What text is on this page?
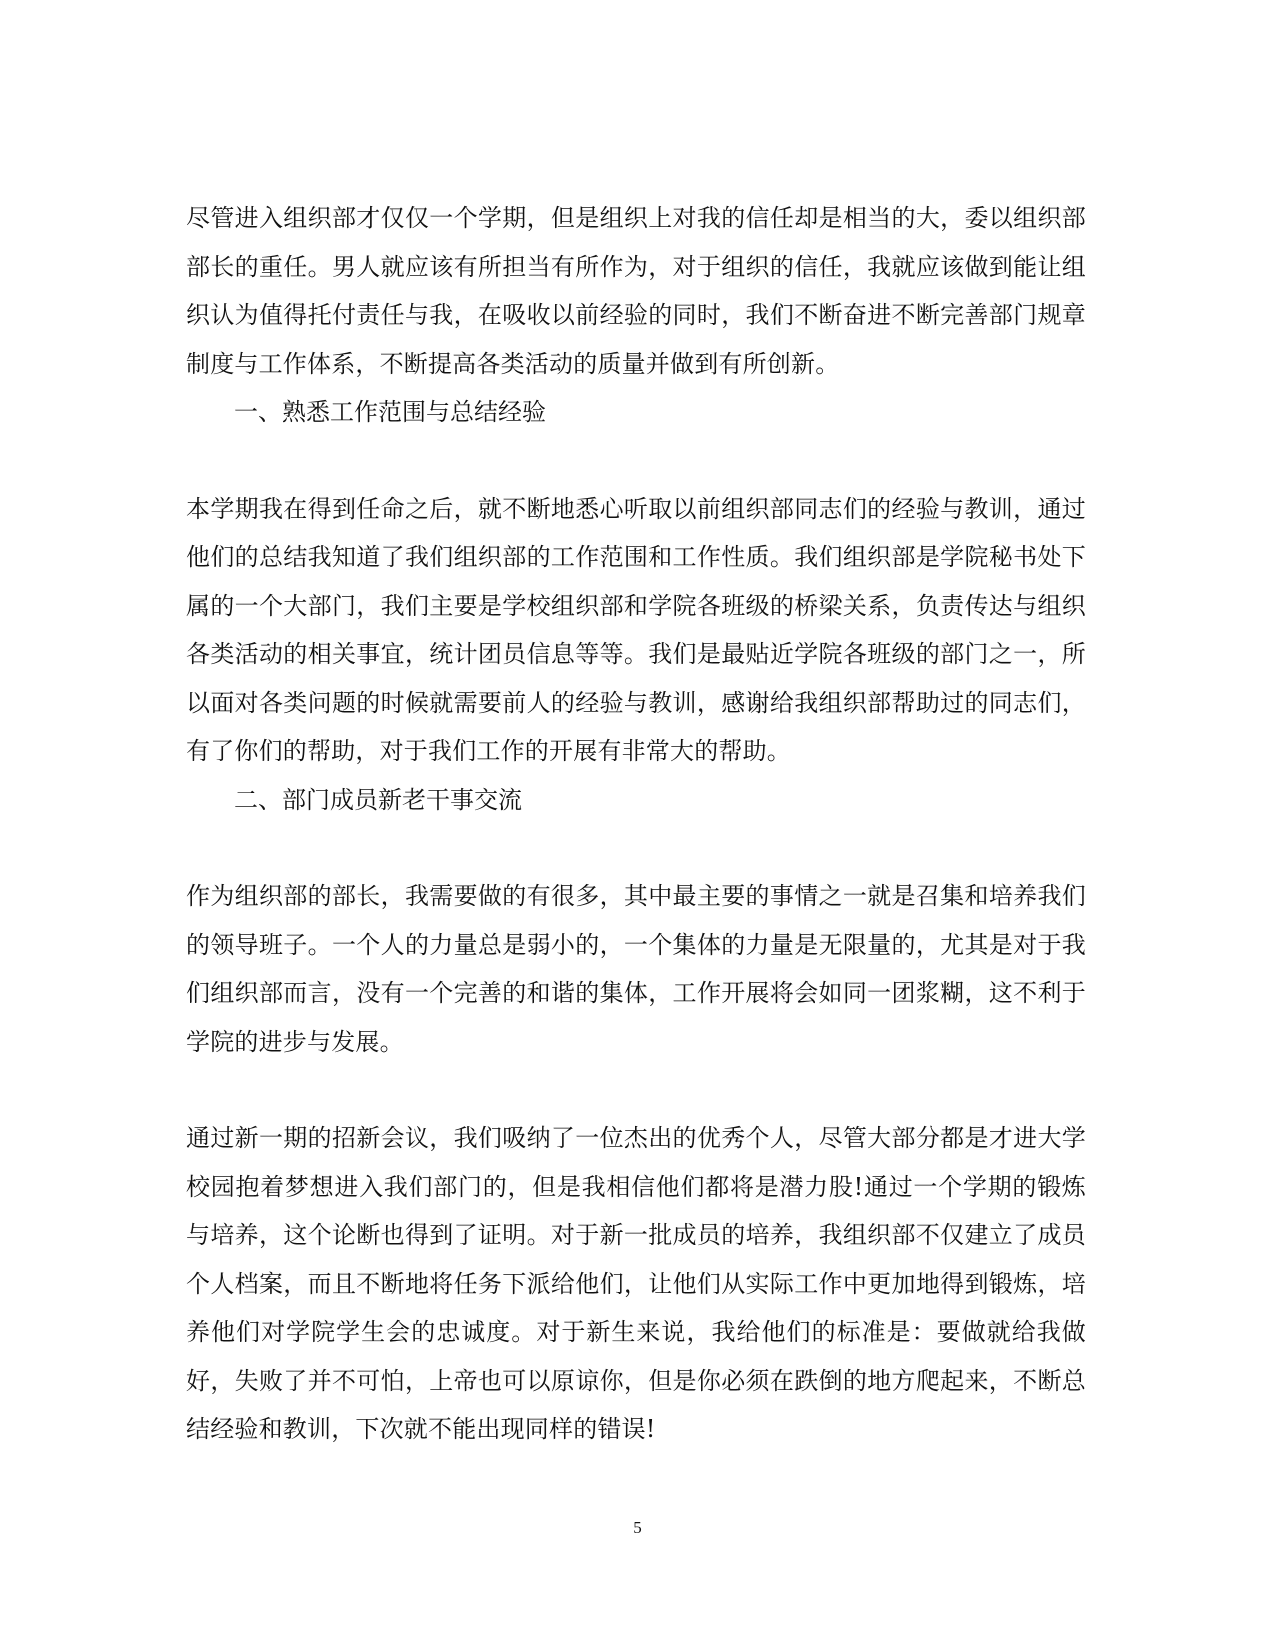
尽管进入组织部才仅仅一个学期，但是组织上对我的信任却是相当的大，委以组织部部长的重任。男人就应该有所担当有所作为，对于组织的信任，我就应该做到能让组织认为值得托付责任与我，在吸收以前经验的同时，我们不断奋进不断完善部门规章制度与工作体系，不断提高各类活动的质量并做到有所创新。

一、熟悉工作范围与总结经验

本学期我在得到任命之后，就不断地悉心听取以前组织部同志们的经验与教训，通过他们的总结我知道了我们组织部的工作范围和工作性质。我们组织部是学院秘书处下属的一个大部门，我们主要是学校组织部和学院各班级的桥梁关系，负责传达与组织各类活动的相关事宜，统计团员信息等等。我们是最贴近学院各班级的部门之一，所以面对各类问题的时候就需要前人的经验与教训，感谢给我组织部帮助过的同志们，有了你们的帮助，对于我们工作的开展有非常大的帮助。

二、部门成员新老干事交流

作为组织部的部长，我需要做的有很多，其中最主要的事情之一就是召集和培养我们的领导班子。一个人的力量总是弱小的，一个集体的力量是无限量的，尤其是对于我们组织部而言，没有一个完善的和谐的集体，工作开展将会如同一团浆糊，这不利于学院的进步与发展。

通过新一期的招新会议，我们吸纳了一位杰出的优秀个人，尽管大部分都是才进大学校园抱着梦想进入我们部门的，但是我相信他们都将是潜力股!通过一个学期的锻炼与培养，这个论断也得到了证明。对于新一批成员的培养，我组织部不仅建立了成员个人档案，而且不断地将任务下派给他们，让他们从实际工作中更加地得到锻炼，培养他们对学院学生会的忠诚度。对于新生来说，我给他们的标准是：要做就给我做好，失败了并不可怕，上帝也可以原谅你，但是你必须在跌倒的地方爬起来，不断总结经验和教训，下次就不能出现同样的错误!

5
